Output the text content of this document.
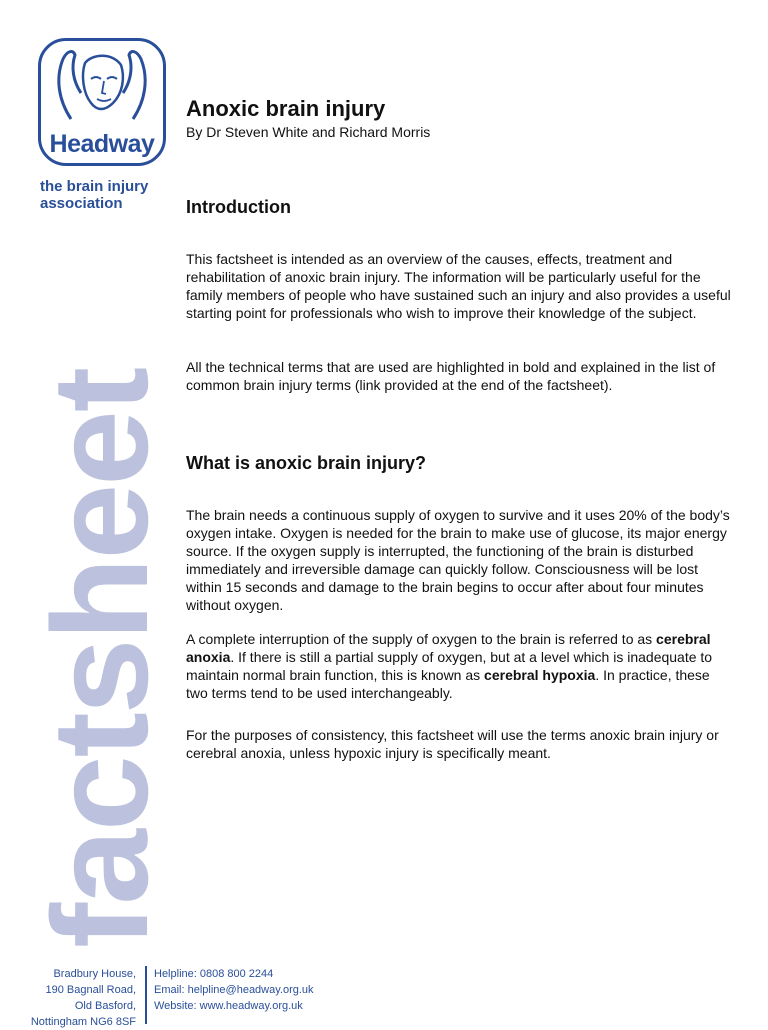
Headway
the brain injury
association
factsheet
Anoxic brain injury
By Dr Steven White and Richard Morris
Introduction

This factsheet is intended as an overview of the causes, effects, treatment and rehabilitation of anoxic brain injury. The information will be particularly useful for the family members of people who have sustained such an injury and also provides a useful starting point for professionals who wish to improve their knowledge of the subject.

All the technical terms that are used are highlighted in bold and explained in the list of common brain injury terms (link provided at the end of the factsheet).

What is anoxic brain injury?

The brain needs a continuous supply of oxygen to survive and it uses 20% of the body’s oxygen intake. Oxygen is needed for the brain to make use of glucose, its major energy source. If the oxygen supply is interrupted, the functioning of the brain is disturbed immediately and irreversible damage can quickly follow. Consciousness will be lost within 15 seconds and damage to the brain begins to occur after about four minutes without oxygen.

A complete interruption of the supply of oxygen to the brain is referred to as cerebral anoxia. If there is still a partial supply of oxygen, but at a level which is inadequate to maintain normal brain function, this is known as cerebral hypoxia. In practice, these two terms tend to be used interchangeably.

For the purposes of consistency, this factsheet will use the terms anoxic brain injury or cerebral anoxia, unless hypoxic injury is specifically meant.

Bradbury House,
190 Bagnall Road,
Old Basford,
Nottingham NG6 8SF
Helpline: 0808 800 2244
Email: helpline@headway.org.uk
Website: www.headway.org.uk
